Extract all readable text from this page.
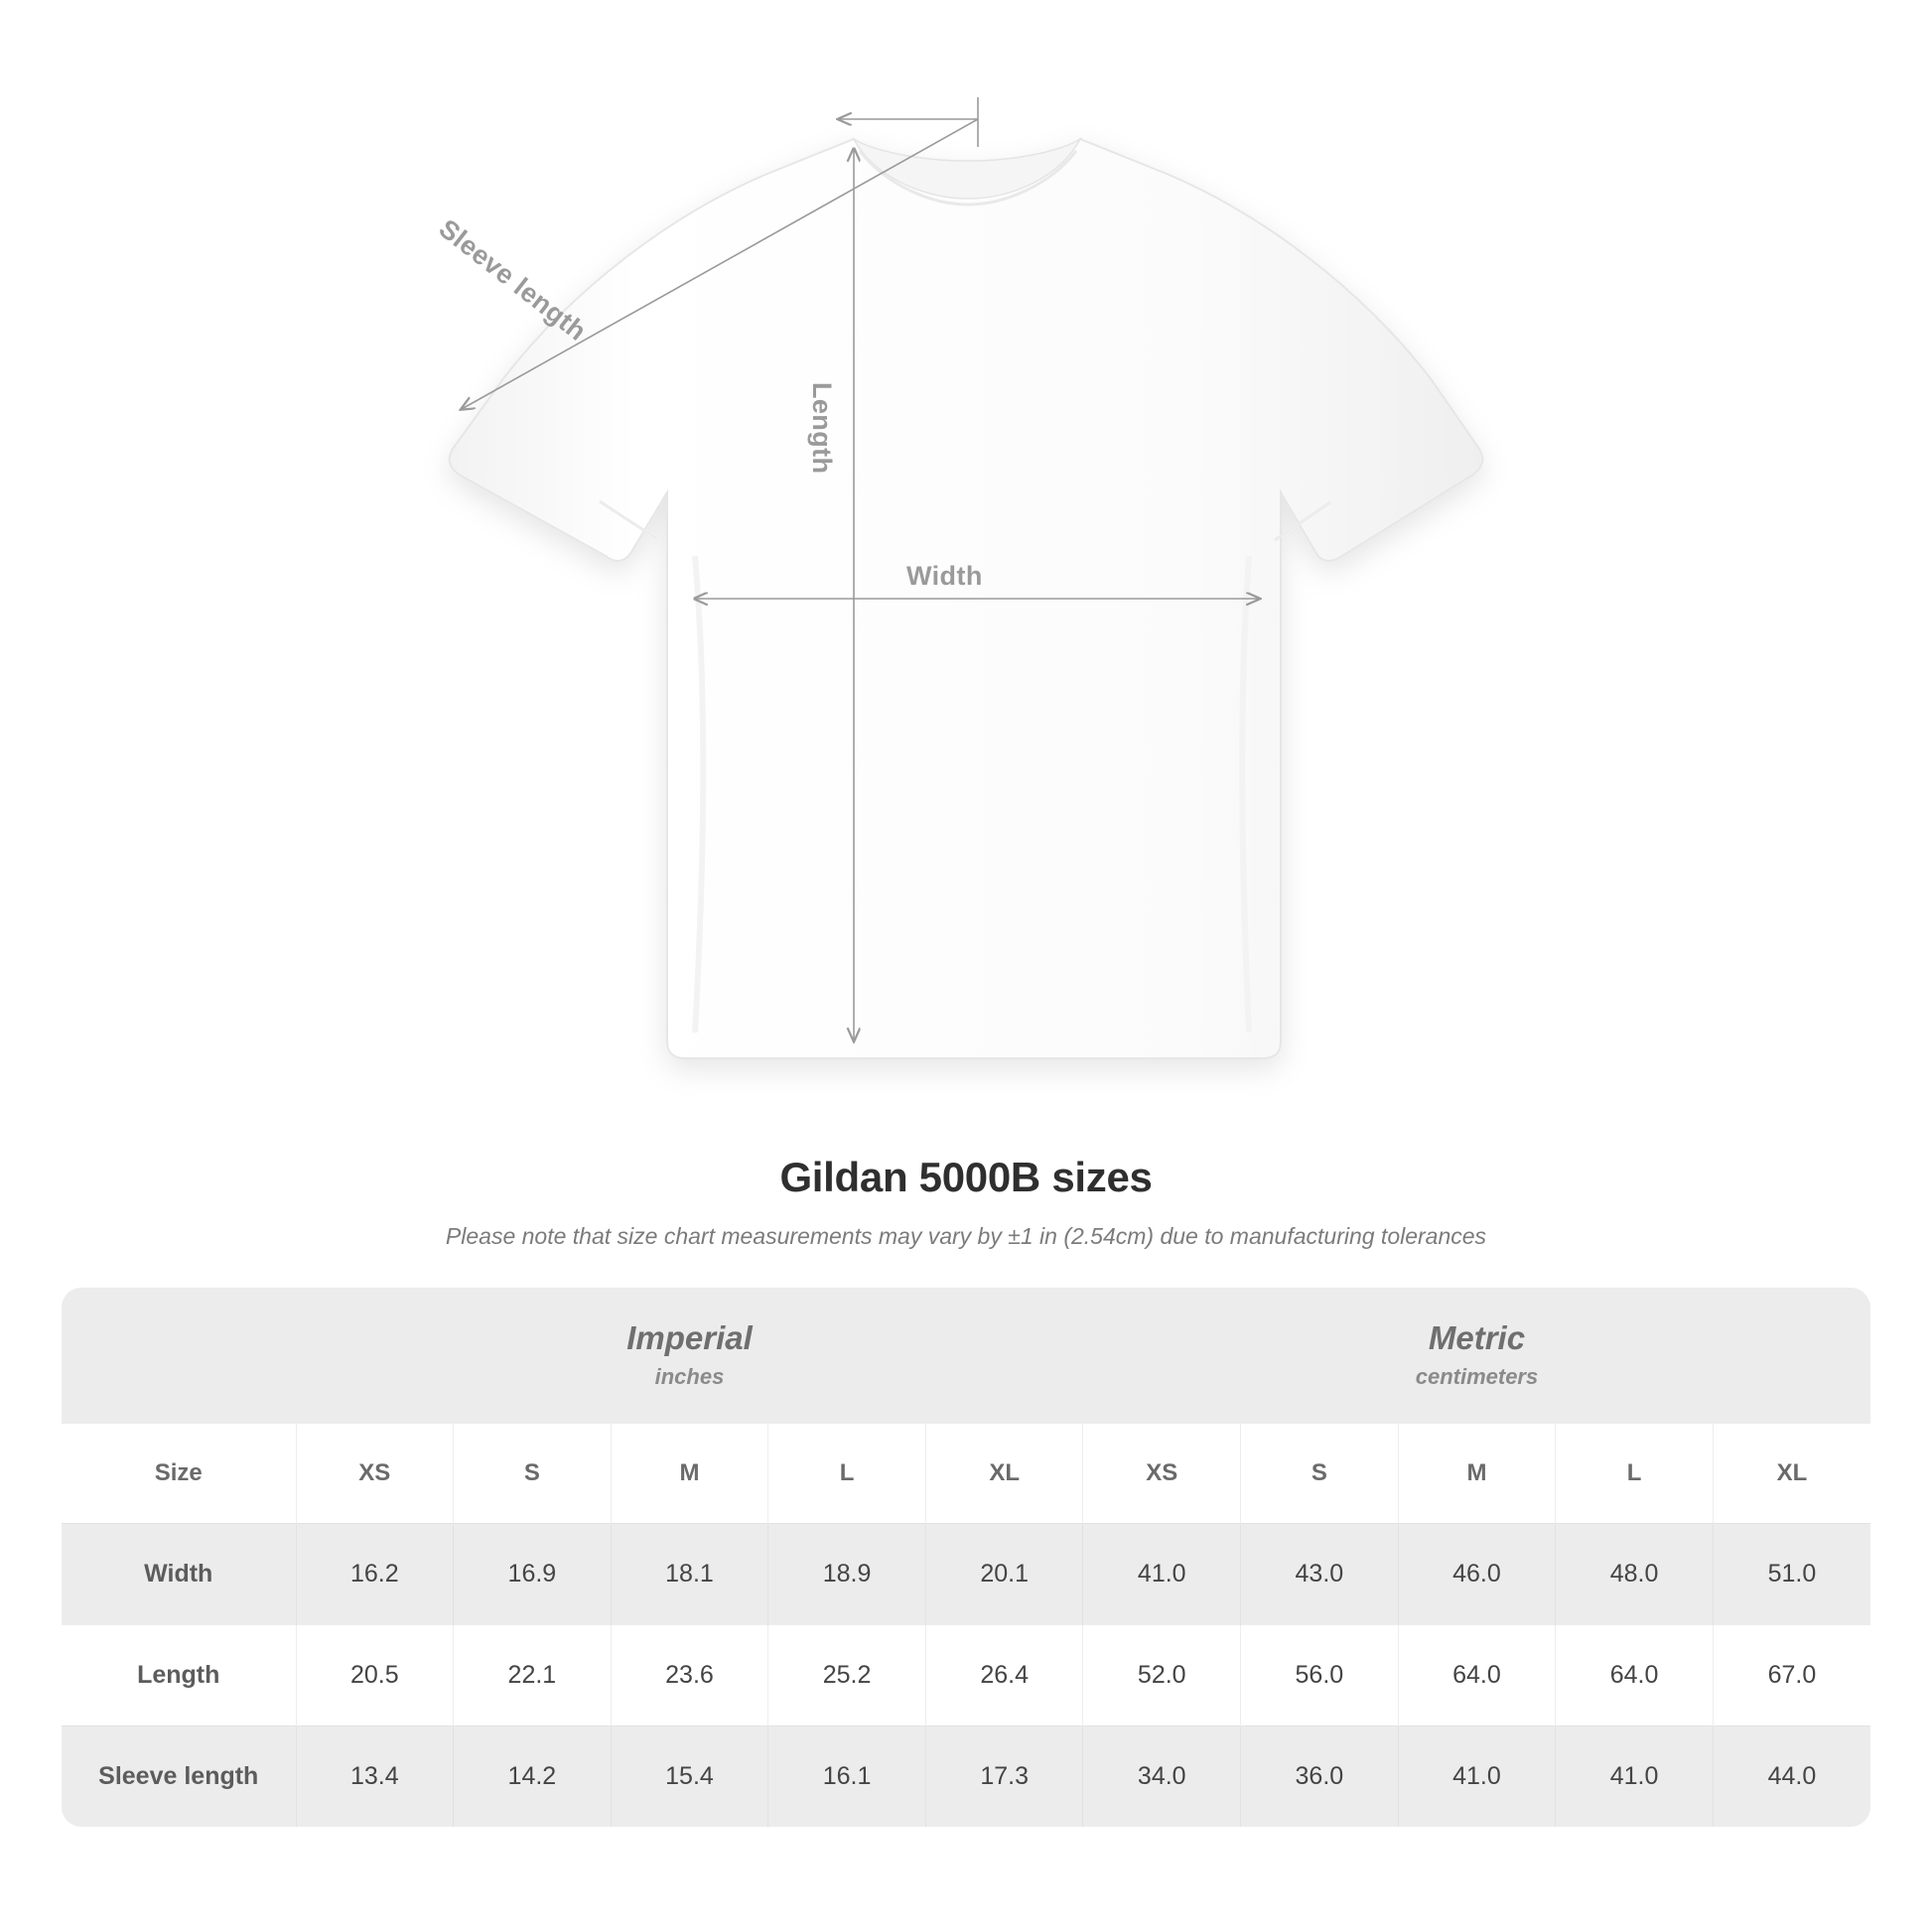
Width
Length
Sleeve length
Gildan 5000B sizes
Please note that size chart measurements may vary by ±1 in (2.54cm) due to manufacturing tolerances

Imperial
inches

Metric
centimeters

Size	XS	S	M	L	XL	XS	S	M	L	XL
Width	16.2	16.9	18.1	18.9	20.1	41.0	43.0	46.0	48.0	51.0
Length	20.5	22.1	23.6	25.2	26.4	52.0	56.0	64.0	64.0	67.0
Sleeve length	13.4	14.2	15.4	16.1	17.3	34.0	36.0	41.0	41.0	44.0
